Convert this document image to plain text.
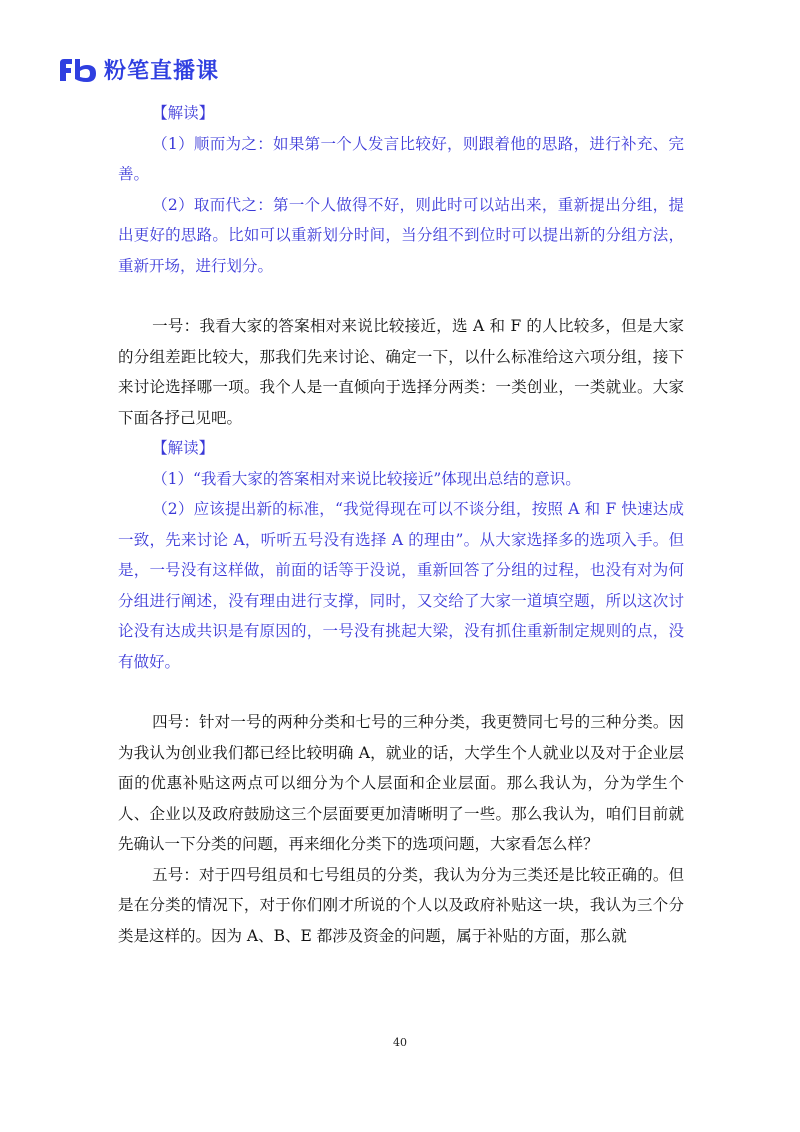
粉笔直播课

【解读】

（1）顺而为之：如果第一个人发言比较好，则跟着他的思路，进行补充、完善。

（2）取而代之：第一个人做得不好，则此时可以站出来，重新提出分组，提出更好的思路。比如可以重新划分时间，当分组不到位时可以提出新的分组方法，重新开场，进行划分。

一号：我看大家的答案相对来说比较接近，选 A 和 F 的人比较多，但是大家的分组差距比较大，那我们先来讨论、确定一下，以什么标准给这六项分组，接下来讨论选择哪一项。我个人是一直倾向于选择分两类：一类创业，一类就业。大家下面各抒己见吧。

【解读】

（1）“我看大家的答案相对来说比较接近”体现出总结的意识。

（2）应该提出新的标准，“我觉得现在可以不谈分组，按照 A 和 F 快速达成一致，先来讨论 A，听听五号没有选择 A 的理由”。从大家选择多的选项入手。但是，一号没有这样做，前面的话等于没说，重新回答了分组的过程，也没有对为何分组进行阐述，没有理由进行支撑，同时，又交给了大家一道填空题，所以这次讨论没有达成共识是有原因的，一号没有挑起大梁，没有抓住重新制定规则的点，没有做好。

四号：针对一号的两种分类和七号的三种分类，我更赞同七号的三种分类。因为我认为创业我们都已经比较明确 A，就业的话，大学生个人就业以及对于企业层面的优惠补贴这两点可以细分为个人层面和企业层面。那么我认为，分为学生个人、企业以及政府鼓励这三个层面要更加清晰明了一些。那么我认为，咱们目前就先确认一下分类的问题，再来细化分类下的选项问题，大家看怎么样？

五号：对于四号组员和七号组员的分类，我认为分为三类还是比较正确的。但是在分类的情况下，对于你们刚才所说的个人以及政府补贴这一块，我认为三个分类是这样的。因为 A、B、E 都涉及资金的问题，属于补贴的方面，那么就

40
